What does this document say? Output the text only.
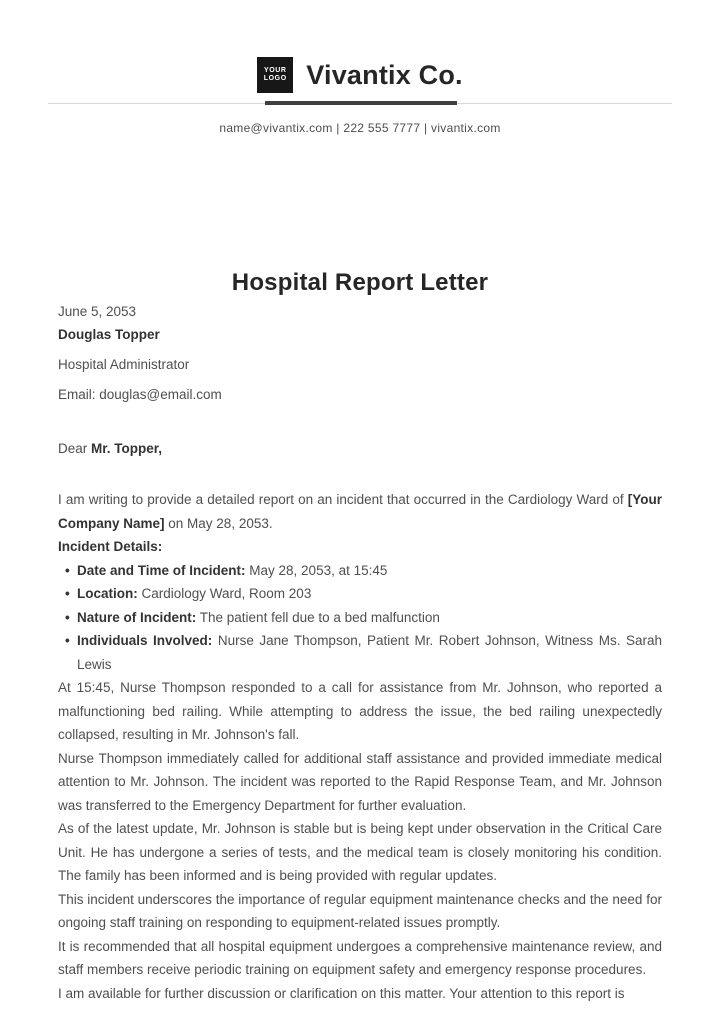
YOUR
LOGO Vivantix Co.
name@vivantix.com | 222 555 7777 | vivantix.com
Hospital Report Letter

June 5, 2053

Douglas Topper

Hospital Administrator

Email: douglas@email.com

Dear Mr. Topper,

I am writing to provide a detailed report on an incident that occurred in the Cardiology Ward of [Your Company Name] on May 28, 2053.

Incident Details:

• Date and Time of Incident: May 28, 2053, at 15:45

• Location: Cardiology Ward, Room 203

• Nature of Incident: The patient fell due to a bed malfunction

• Individuals Involved: Nurse Jane Thompson, Patient Mr. Robert Johnson, Witness Ms. Sarah Lewis

At 15:45, Nurse Thompson responded to a call for assistance from Mr. Johnson, who reported a malfunctioning bed railing. While attempting to address the issue, the bed railing unexpectedly collapsed, resulting in Mr. Johnson's fall.

Nurse Thompson immediately called for additional staff assistance and provided immediate medical attention to Mr. Johnson. The incident was reported to the Rapid Response Team, and Mr. Johnson was transferred to the Emergency Department for further evaluation.

As of the latest update, Mr. Johnson is stable but is being kept under observation in the Critical Care Unit. He has undergone a series of tests, and the medical team is closely monitoring his condition. The family has been informed and is being provided with regular updates.

This incident underscores the importance of regular equipment maintenance checks and the need for ongoing staff training on responding to equipment-related issues promptly.

It is recommended that all hospital equipment undergoes a comprehensive maintenance review, and staff members receive periodic training on equipment safety and emergency response procedures.

I am available for further discussion or clarification on this matter. Your attention to this report is
